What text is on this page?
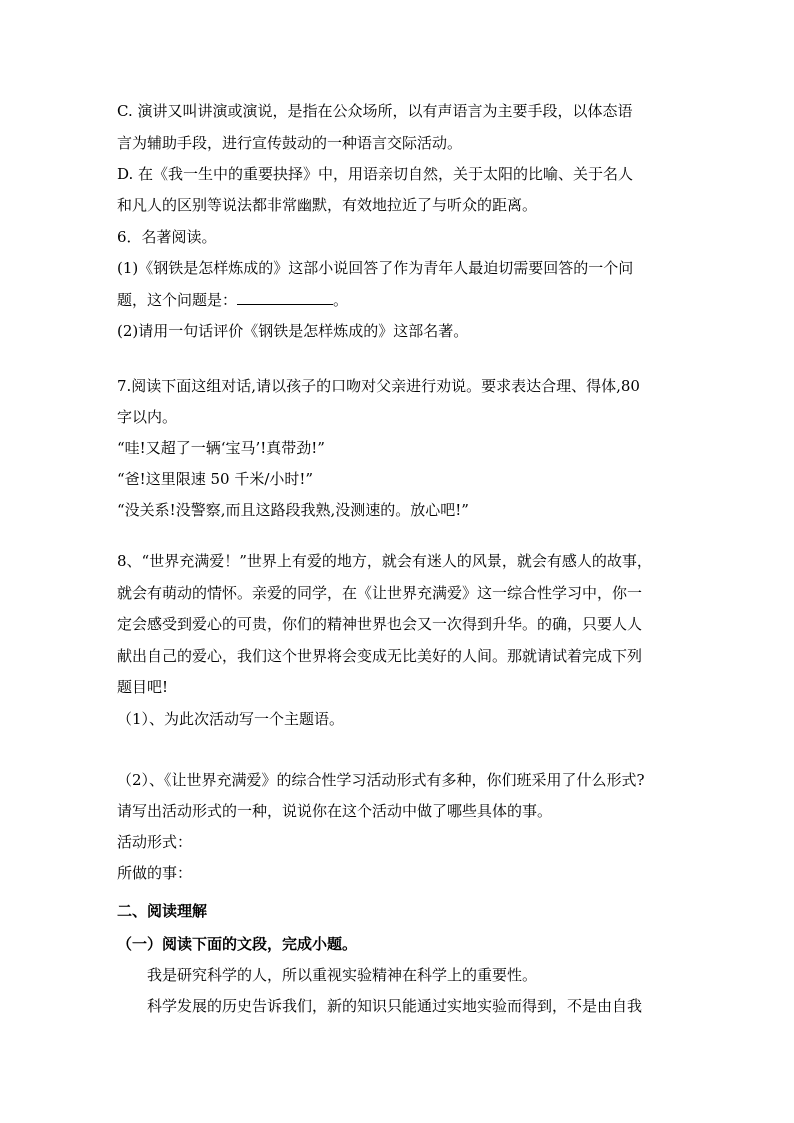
C. 演讲又叫讲演或演说，是指在公众场所，以有声语言为主要手段，以体态语
言为辅助手段，进行宣传鼓动的一种语言交际活动。
D. 在《我一生中的重要抉择》中，用语亲切自然，关于太阳的比喻、关于名人
和凡人的区别等说法都非常幽默，有效地拉近了与听众的距离。
6．名著阅读。
(1)《钢铁是怎样炼成的》这部小说回答了作为青年人最迫切需要回答的一个问
题，这个问题是：	。
(2)请用一句话评价《钢铁是怎样炼成的》这部名著。
7.阅读下面这组对话,请以孩子的口吻对父亲进行劝说。要求表达合理、得体,80
字以内。
“哇!又超了一辆‘宝马’!真带劲!”
“爸!这里限速 50 千米/小时!”
“没关系!没警察,而且这路段我熟,没测速的。放心吧!”
8、“世界充满爱！”世界上有爱的地方，就会有迷人的风景，就会有感人的故事，
就会有萌动的情怀。亲爱的同学，在《让世界充满爱》这一综合性学习中，你一
定会感受到爱心的可贵，你们的精神世界也会又一次得到升华。的确，只要人人
献出自己的爱心，我们这个世界将会变成无比美好的人间。那就请试着完成下列
题目吧!
（1）、为此次活动写一个主题语。
（2）、《让世界充满爱》的综合性学习活动形式有多种，你们班采用了什么形式?
请写出活动形式的一种，说说你在这个活动中做了哪些具体的事。
活动形式：
所做的事：
二、阅读理解
（一）阅读下面的文段，完成小题。
我是研究科学的人，所以重视实验精神在科学上的重要性。
科学发展的历史告诉我们，新的知识只能通过实地实验而得到，不是由自我
